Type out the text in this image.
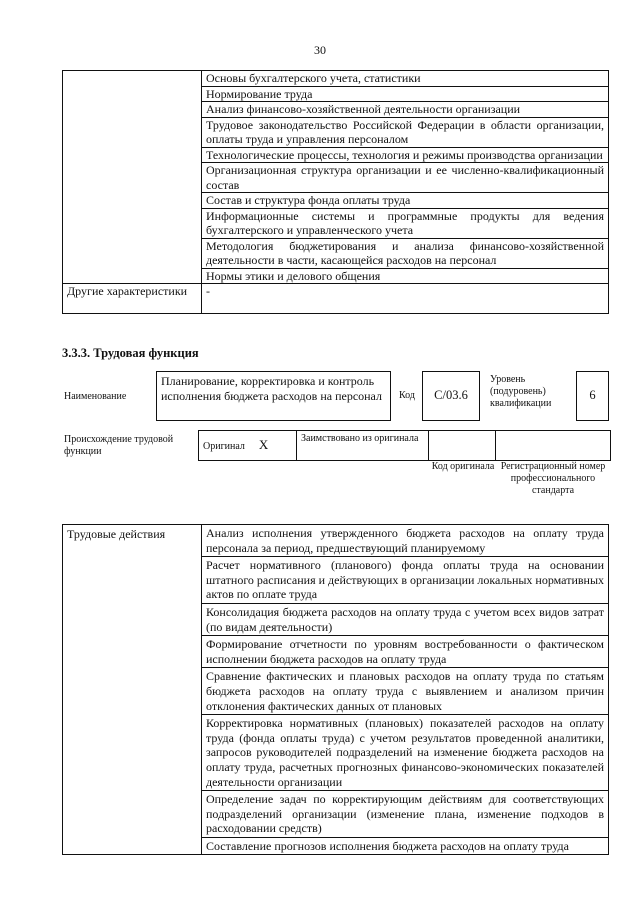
30
	Основы бухгалтерского учета, статистики
	Нормирование труда
	Анализ финансово-хозяйственной деятельности организации
	Трудовое законодательство Российской Федерации в области организации, оплаты труда и управления персоналом
	Технологические процессы, технология и режимы производства организации
	Организационная структура организации и ее численно-квалификационный состав
	Состав и структура фонда оплаты труда
	Информационные системы и программные продукты для ведения бухгалтерского и управленческого учета
	Методология бюджетирования и анализа финансово-хозяйственной деятельности в части, касающейся расходов на персонал
	Нормы этики и делового общения
Другие характеристики	-
3.3.3. Трудовая функция
Наименование
Планирование, корректировка и контроль исполнения бюджета расходов на персонал	Код	С/03.6
Уровень (подуровень) квалификации
6
Происхождение трудовой функции	Оригинал X	Заимствовано из оригинала		
Код оригинала Регистрационный номер профессионального стандарта
Трудовые действия	Анализ исполнения утвержденного бюджета расходов на оплату труда персонала за период, предшествующий планируемому
Расчет нормативного (планового) фонда оплаты труда на основании штатного расписания и действующих в организации локальных нормативных актов по оплате труда
Консолидация бюджета расходов на оплату труда с учетом всех видов затрат (по видам деятельности)
Формирование отчетности по уровням востребованности о фактическом исполнении бюджета расходов на оплату труда
Сравнение фактических и плановых расходов на оплату труда по статьям бюджета расходов на оплату труда с выявлением и анализом причин отклонения фактических данных от плановых
Корректировка нормативных (плановых) показателей расходов на оплату труда (фонда оплаты труда) с учетом результатов проведенной аналитики, запросов руководителей подразделений на изменение бюджета расходов на оплату труда, расчетных прогнозных финансово-экономических показателей деятельности организации
Определение задач по корректирующим действиям для соответствующих подразделений организации (изменение плана, изменение подходов в расходовании средств)
Составление прогнозов исполнения бюджета расходов на оплату труда
